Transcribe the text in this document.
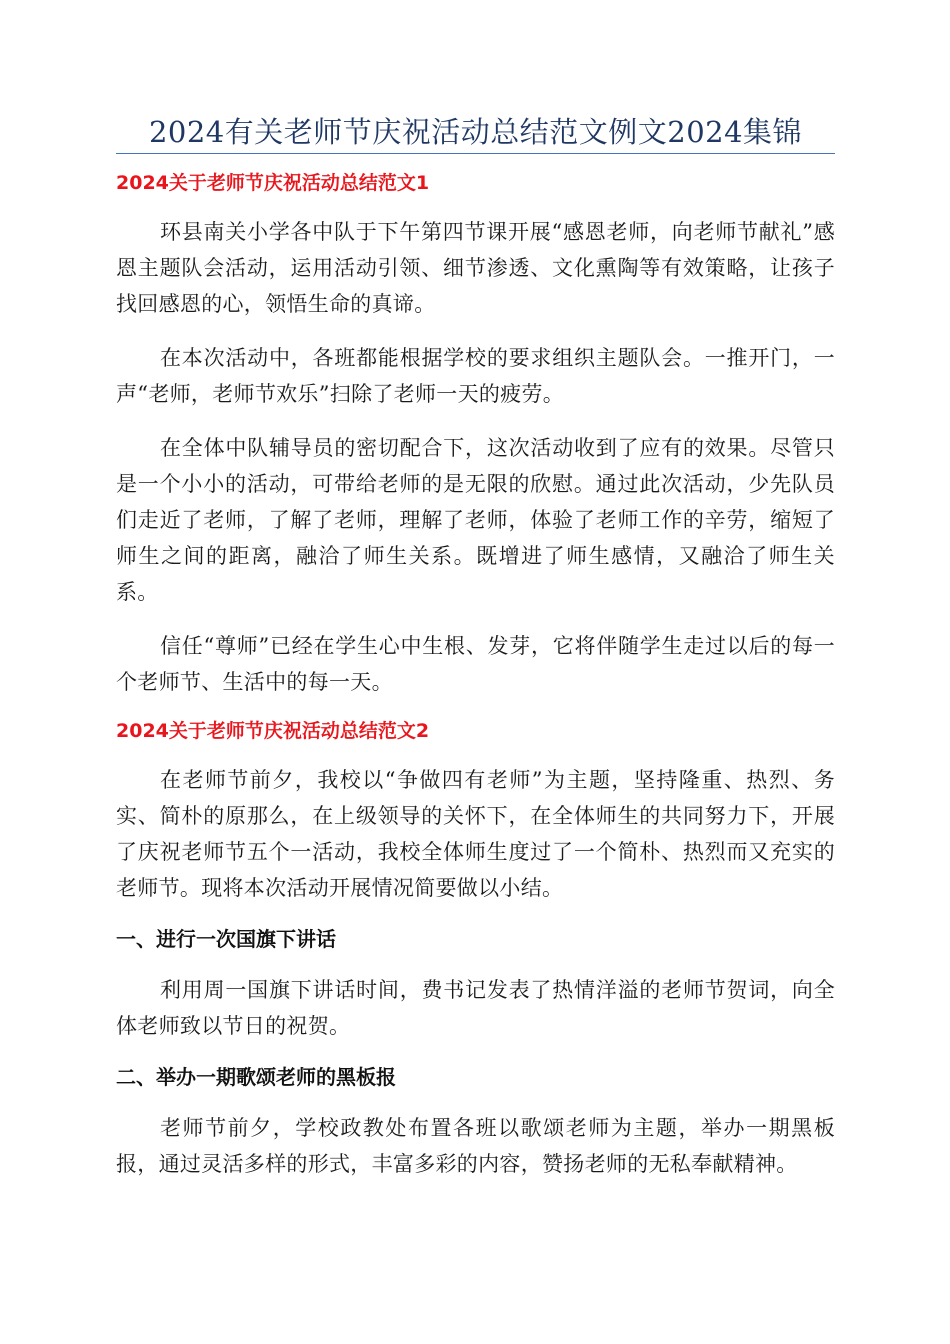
2024有关老师节庆祝活动总结范文例文2024集锦
2024关于老师节庆祝活动总结范文1

环县南关小学各中队于下午第四节课开展“感恩老师，向老师节献礼”感恩主题队会活动，运用活动引领、细节渗透、文化熏陶等有效策略，让孩子找回感恩的心，领悟生命的真谛。

在本次活动中，各班都能根据学校的要求组织主题队会。一推开门，一声“老师，老师节欢乐”扫除了老师一天的疲劳。

在全体中队辅导员的密切配合下，这次活动收到了应有的效果。尽管只是一个小小的活动，可带给老师的是无限的欣慰。通过此次活动，少先队员们走近了老师，了解了老师，理解了老师，体验了老师工作的辛劳，缩短了师生之间的距离，融洽了师生关系。既增进了师生感情，又融洽了师生关系。

信任“尊师”已经在学生心中生根、发芽，它将伴随学生走过以后的每一个老师节、生活中的每一天。

2024关于老师节庆祝活动总结范文2

在老师节前夕，我校以“争做四有老师”为主题，坚持隆重、热烈、务实、简朴的原那么，在上级领导的关怀下，在全体师生的共同努力下，开展了庆祝老师节五个一活动，我校全体师生度过了一个简朴、热烈而又充实的老师节。现将本次活动开展情况简要做以小结。

一、进行一次国旗下讲话

利用周一国旗下讲话时间，费书记发表了热情洋溢的老师节贺词，向全体老师致以节日的祝贺。

二、举办一期歌颂老师的黑板报

老师节前夕，学校政教处布置各班以歌颂老师为主题，举办一期黑板报，通过灵活多样的形式，丰富多彩的内容，赞扬老师的无私奉献精神。
